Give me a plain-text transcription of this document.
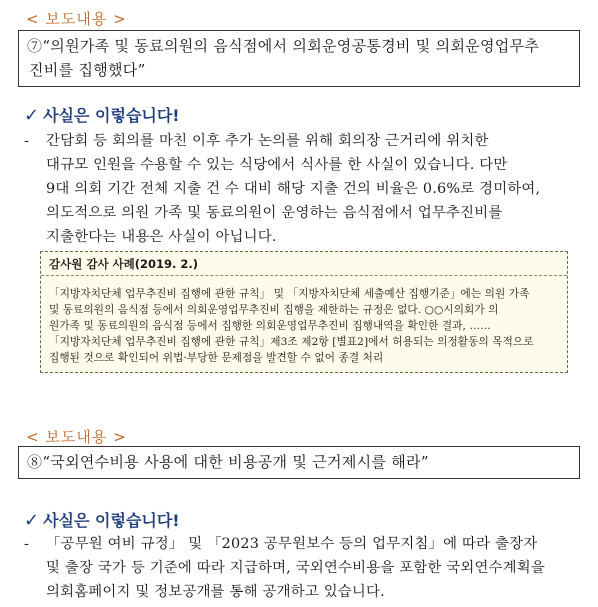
< 보도내용 >
⑦“의원가족 및 동료의원의 음식점에서 의회운영공통경비 및 의회운영업무추
진비를 집행했다”
✓ 사실은 이렇습니다!
- 간담회 등 회의를 마친 이후 추가 논의를 위해 회의장 근거리에 위치한
대규모 인원을 수용할 수 있는 식당에서 식사를 한 사실이 있습니다. 다만
9대 의회 기간 전체 지출 건 수 대비 해당 지출 건의 비율은 0.6%로 경미하여,
의도적으로 의원 가족 및 동료의원이 운영하는 음식점에서 업무추진비를
지출한다는 내용은 사실이 아닙니다.
감사원 감사 사례(2019. 2.)

「지방자치단체 업무추진비 집행에 관한 규칙」 및 「지방자치단체 세출예산 집행기준」에는 의원 가족

및 동료의원의 음식점 등에서 의회운영업무추진비 집행을 제한하는 규정은 없다. ○○시의회가 의

원가족 및 동료의원의 음식점 등에서 집행한 의회운영업무추진비 집행내역을 확인한 결과, ……

「지방자치단체 업무추진비 집행에 관한 규칙」제3조 제2항 [별표2]에서 허용되는 의정활동의 목적으로

집행된 것으로 확인되어 위법·부당한 문제점을 발견할 수 없어 종결 처리

< 보도내용 >
⑧“국외연수비용 사용에 대한 비용공개 및 근거제시를 해라”
✓ 사실은 이렇습니다!
- 「공무원 여비 규정」 및 「2023 공무원보수 등의 업무지침」에 따라 출장자
및 출장 국가 등 기준에 따라 지급하며, 국외연수비용을 포함한 국외연수계획을
의회홈페이지 및 정보공개를 통해 공개하고 있습니다.
